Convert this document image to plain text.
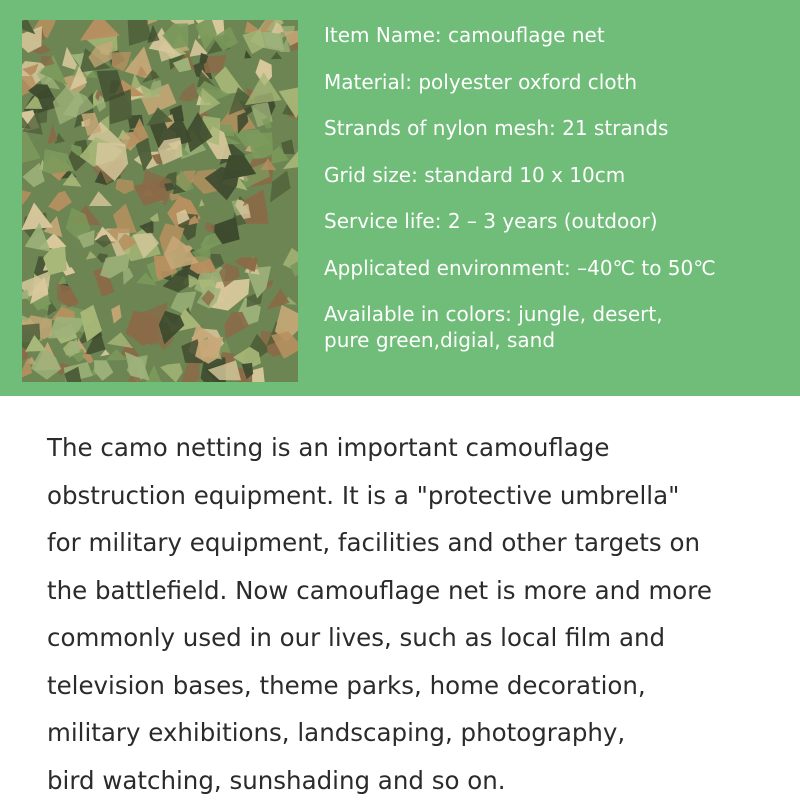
Item Name: camouflage net
Material: polyester oxford cloth
Strands of nylon mesh: 21 strands
Grid size: standard 10 x 10cm
Service life: 2 – 3 years (outdoor)
Applicated environment: –40℃ to 50℃
Available in colors: jungle, desert,
pure green,digial, sand

The camo netting is an important camouflage
obstruction equipment. It is a "protective umbrella"
for military equipment, facilities and other targets on
the battlefield. Now camouflage net is more and more
commonly used in our lives, such as local film and
television bases, theme parks, home decoration,
military exhibitions, landscaping, photography,
bird watching, sunshading and so on.
